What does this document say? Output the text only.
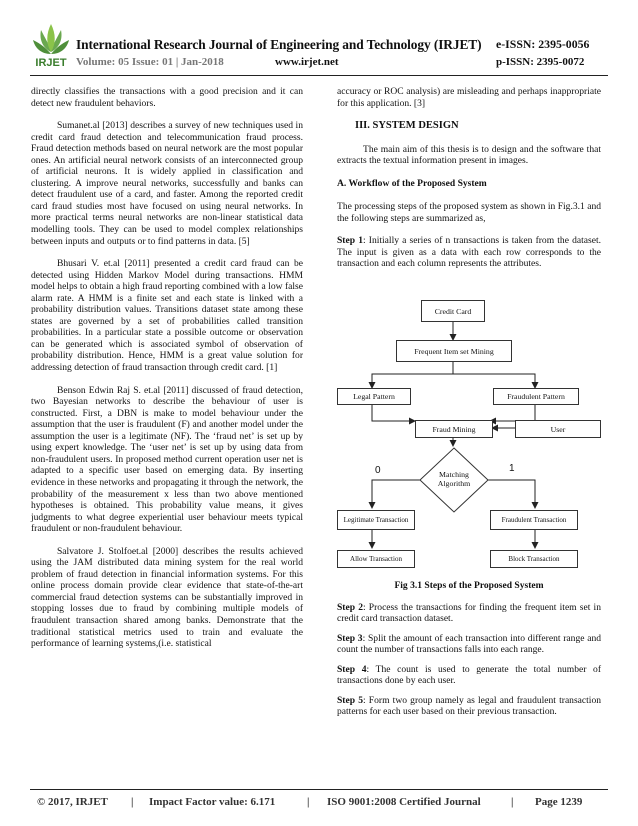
IRJET
International Research Journal of Engineering and Technology (IRJET) e-ISSN: 2395-0056
Volume: 05 Issue: 01 | Jan-2018	www.irjet.net	p-ISSN: 2395-0072

directly classifies the transactions with a good precision and it can detect new fraudulent behaviors.

Sumanet.al [2013] describes a survey of new techniques used in credit card fraud detection and telecommunication fraud process. Fraud detection methods based on neural network are the most popular ones. An artificial neural network consists of an interconnected group of artificial neurons. It is widely applied in classification and clustering. A improve neural networks, successfully and banks can detect fraudulent use of a card, and faster. Among the reported credit card fraud studies most have focused on using neural networks. In more practical terms neural networks are non-linear statistical data modelling tools. They can be used to model complex relationships between inputs and outputs or to find patterns in data. [5]

Bhusari V. et.al [2011] presented a credit card fraud can be detected using Hidden Markov Model during transactions. HMM model helps to obtain a high fraud reporting combined with a low false alarm rate. A HMM is a finite set and each state is linked with a probability distribution values. Transitions dataset state among these states are governed by a set of probabilities called transition probabilities. In a particular state a possible outcome or observation can be generated which is associated symbol of observation of probability distribution. Hence, HMM is a great value solution for addressing detection of fraud transaction through credit card. [1]

Benson Edwin Raj S. et.al [2011] discussed of fraud detection, two Bayesian networks to describe the behaviour of user is constructed. First, a DBN is make to model behaviour under the assumption that the user is fraudulent (F) and another model under the assumption the user is a legitimate (NF). The ‘fraud net’ is set up by using expert knowledge. The ‘user net’ is set up by using data from non-fraudulent users. In proposed method current operation user net is adapted to a specific user based on emerging data. By inserting evidence in these networks and propagating it through the network, the probability of the measurement x less than two above mentioned hypotheses is obtained. This probability value means, it gives judgments to what degree experiential user behaviour meets typical fraudulent or non-fraudulent behaviour.

Salvatore J. Stolfoet.al [2000] describes the results achieved using the JAM distributed data mining system for the real world problem of fraud detection in financial information systems. For this online process domain provide clear evidence that state-of-the-art commercial fraud detection systems can be substantially improved in stopping losses due to fraud by combining multiple models of fraudulent transaction shared among banks. Demonstrate that the traditional statistical metrics used to train and evaluate the performance of learning systems,(i.e. statistical

accuracy or ROC analysis) are misleading and perhaps inappropriate for this application. [3]

III. SYSTEM DESIGN

The main aim of this thesis is to design and the software that extracts the textual information present in images.

A. Workflow of the Proposed System

The processing steps of the proposed system as shown in Fig.3.1 and the following steps are summarized as,

Step 1: Initially a series of n transactions is taken from the dataset. The input is given as a data with each row corresponds to the transaction and each column represents the attributes.

Credit Card
Frequent Item set Mining
Legal Pattern	Fraudulent Pattern
Fraud Mining	User
Matching
Algorithm
0	1
Legitimate Transaction	Fraudulent Transaction
Allow Transaction	Block Transaction

Fig 3.1 Steps of the Proposed System

Step 2: Process the transactions for finding the frequent item set in credit card transaction dataset.

Step 3: Split the amount of each transaction into different range and count the number of transactions falls into each range.

Step 4: The count is used to generate the total number of transactions done by each user.

Step 5: Form two group namely as legal and fraudulent transaction patterns for each user based on their previous transaction.

© 2017, IRJET | Impact Factor value: 6.171	| ISO 9001:2008 Certified Journal	| Page 1239
